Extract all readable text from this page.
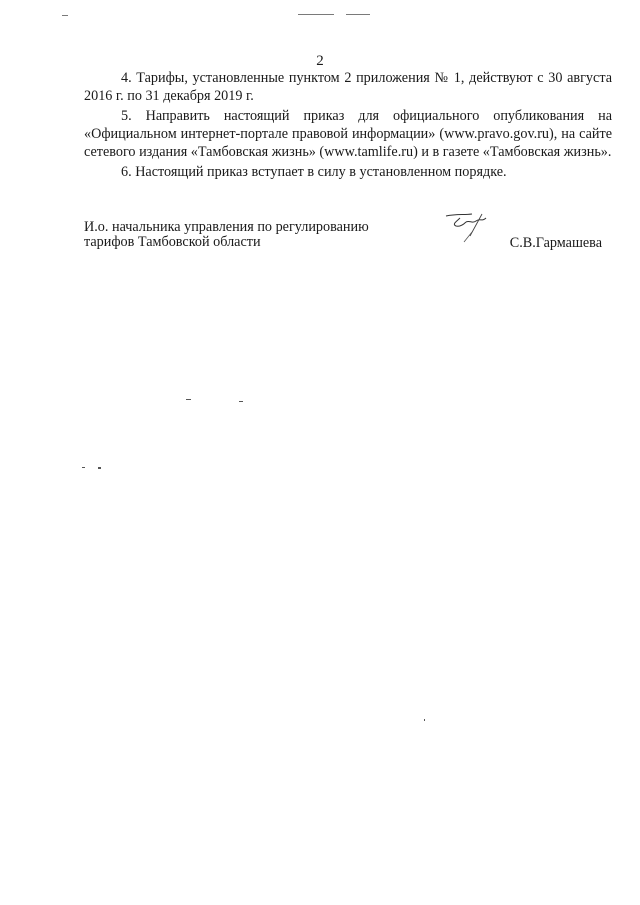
2

4. Тарифы, установленные пунктом 2 приложения № 1, действуют с 30 августа 2016 г. по 31 декабря 2019 г.

5. Направить настоящий приказ для официального опубликования на «Официальном интернет-портале правовой информации» (www.pravo.gov.ru), на сайте сетевого издания «Тамбовская жизнь» (www.tamlife.ru) и в газете «Тамбовская жизнь».

6. Настоящий приказ вступает в силу в установленном порядке.

И.о. начальника управления по регулированию
тарифов Тамбовской области	С.В.Гармашева
